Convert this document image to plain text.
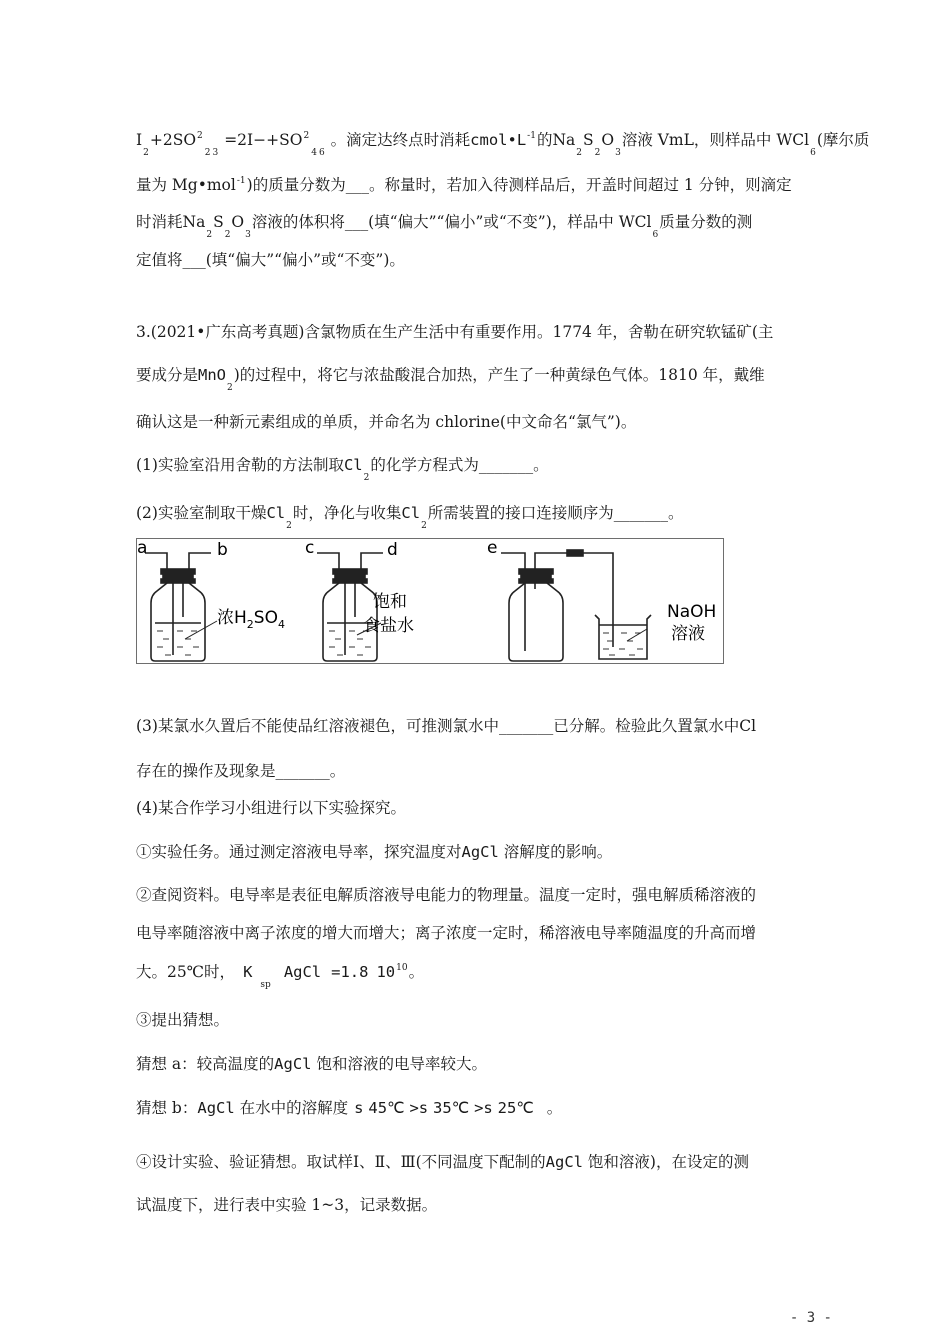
$I_2+2SO^2_2$ $_3 =2I-+SO^2_4$ $_6$ 。滴定达终点时消耗$cmol•L^{-1}$的$Na_2S_2O_3$溶液 VmL，则样品中 WCl$_6$(摩尔质
量为 Mg•mol$^{-1}$)的质量分数为___。称量时，若加入待测样品后，开盖时间超过 1 分钟，则滴定
时消耗$Na_2S_2O_3$溶液的体积将___(填“偏大”“偏小”或“不变”)，样品中 WCl$_6$质量分数的测
定值将___(填“偏大”“偏小”或“不变”)。
3.(2021•广东高考真题)含氯物质在生产生活中有重要作用。1774 年，舍勒在研究软锰矿(主
要成分是MnO$_2$)的过程中，将它与浓盐酸混合加热，产生了一种黄绿色气体。1810 年，戴维
确认这是一种新元素组成的单质，并命名为 chlorine(中文命名“氯气”)。
(1)实验室沿用舍勒的方法制取$Cl_2$的化学方程式为_______。
(2)实验室制取干燥$Cl_2$时，净化与收集$Cl_2$所需装置的接口连接顺序为_______。
a	b
浓$H_2SO_4$
c	d
饱和
食盐水
e
NaOH
溶液
(3)某氯水久置后不能使品红溶液褪色，可推测氯水中_______已分解。检验此久置氯水中Cl
存在的操作及现象是_______。
(4)某合作学习小组进行以下实验探究。
①实验任务。通过测定溶液电导率，探究温度对AgCl 溶解度的影响。
②查阅资料。电导率是表征电解质溶液导电能力的物理量。温度一定时，强电解质稀溶液的
电导率随溶液中离子浓度的增大而增大；离子浓度一定时，稀溶液电导率随温度的升高而增
大。25℃时， $K_{sp}AgCl =1.8$ $10^{10}$。
③提出猜想。
猜想 a：较高温度的AgCl 饱和溶液的电导率较大。
猜想 b：AgCl 在水中的溶解度 s 45℃ >s 35℃ >s 25℃ 。
④设计实验、验证猜想。取试样Ⅰ、Ⅱ、Ⅲ(不同温度下配制的AgCl 饱和溶液)，在设定的测
试温度下，进行表中实验 1~3，记录数据。
- 3 -
